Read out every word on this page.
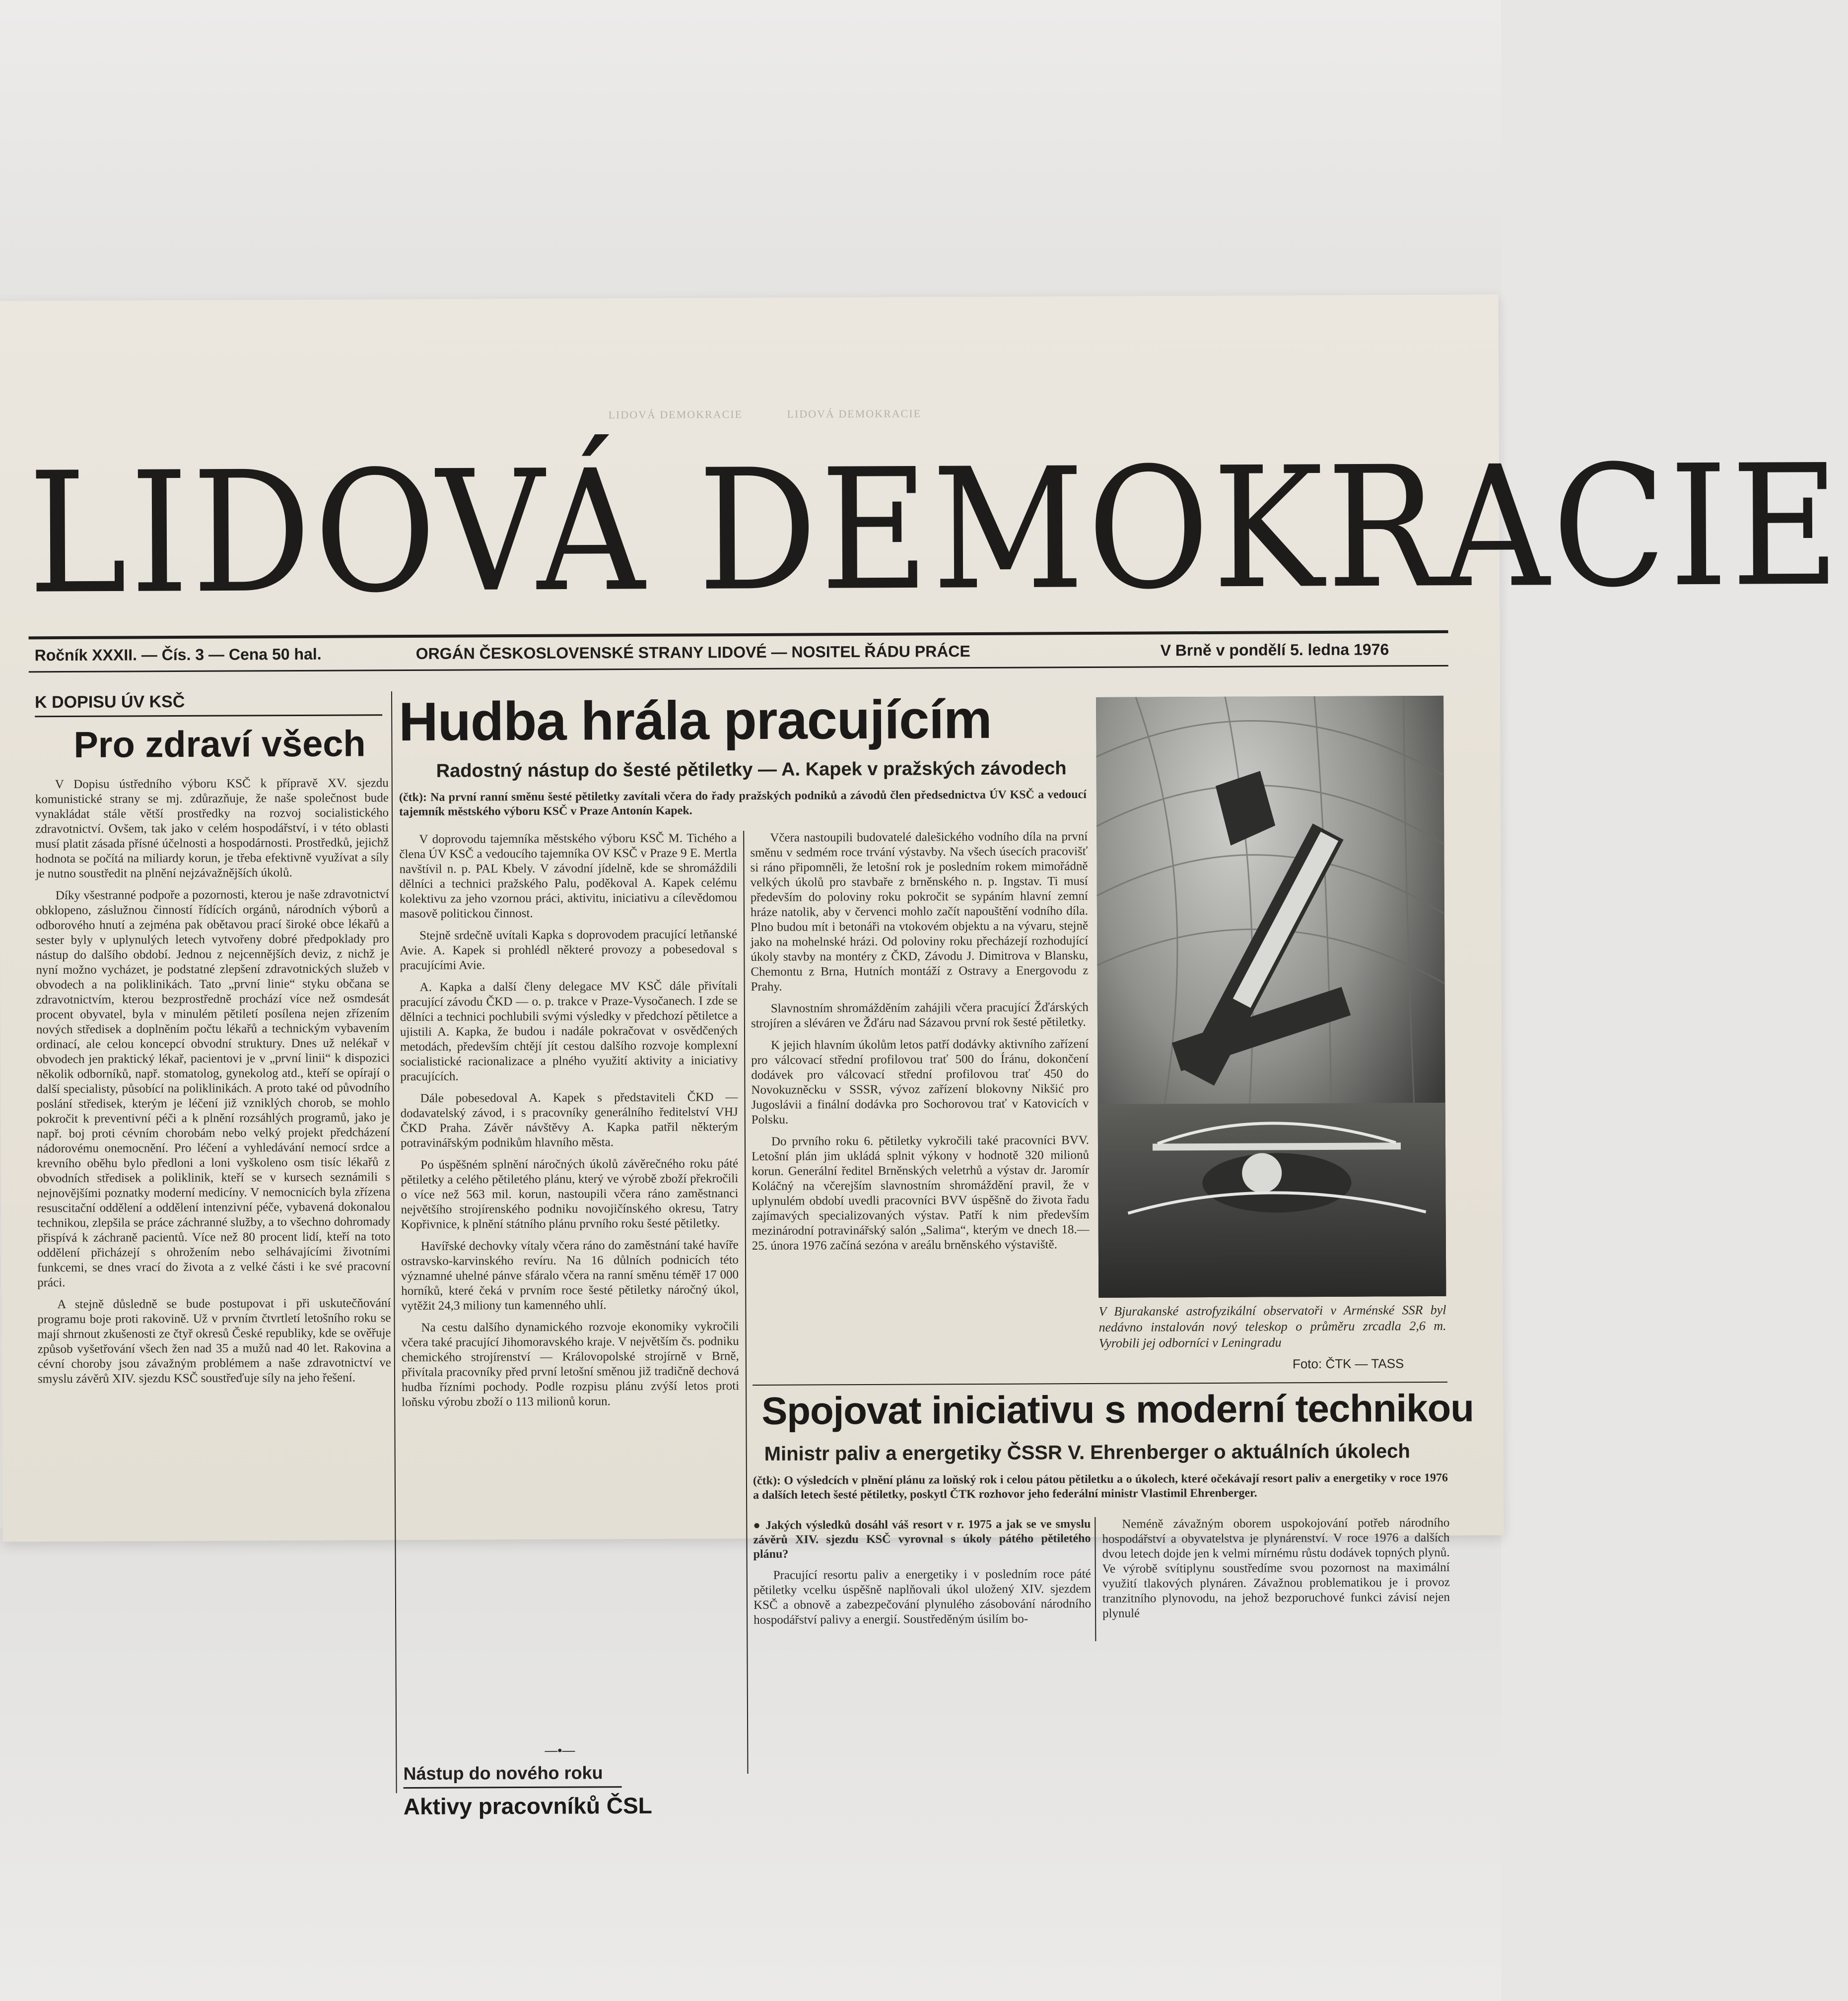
LIDOVÁ DEMOKRACIE	LIDOVÁ DEMOKRACIE
LIDOVÁ DEMOKRACIE
Ročník XXXII. — Čís. 3 — Cena 50 hal.	ORGÁN ČESKOSLOVENSKÉ STRANY LIDOVÉ — NOSITEL ŘÁDU PRÁCE	V Brně v pondělí 5. ledna 1976
K DOPISU ÚV KSČ
Pro zdraví všech

V Dopisu ústředního výboru KSČ k přípravě XV. sjezdu komunistické strany se mj. zdůrazňuje, že naše společnost bude vynakládat stále větší prostředky na rozvoj socialistického zdravotnictví. Ovšem, tak jako v celém hospodářství, i v této oblasti musí platit zásada přísné účelnosti a hospodárnosti. Prostředků, jejichž hodnota se počítá na miliardy korun, je třeba efektivně využívat a síly je nutno soustředit na plnění nejzávažnějších úkolů.

Díky všestranné podpoře a pozornosti, kterou je naše zdravotnictví obklopeno, záslužnou činností řídících orgánů, národních výborů a odborového hnutí a zejména pak obětavou prací široké obce lékařů a sester byly v uplynulých letech vytvořeny dobré předpoklady pro nástup do dalšího období. Jednou z nejcennějších deviz, z nichž je nyní možno vycházet, je podstatné zlepšení zdravotnických služeb v obvodech a na poliklinikách. Tato „první linie“ styku občana se zdravotnictvím, kterou bezprostředně prochází více než osmdesát procent obyvatel, byla v minulém pětiletí posílena nejen zřízením nových středisek a doplněním počtu lékařů a technickým vybavením ordinací, ale celou koncepcí obvodní struktury. Dnes už nelékař v obvodech jen praktický lékař, pacientovi je v „první linii“ k dispozici několik odborníků, např. stomatolog, gynekolog atd., kteří se opírají o další specialisty, působící na poliklinikách. A proto také od původního poslání středisek, kterým je léčení již vzniklých chorob, se mohlo pokročit k preventivní péči a k plnění rozsáhlých programů, jako je např. boj proti cévním chorobám nebo velký projekt předcházení nádorovému onemocnění. Pro léčení a vyhledávání nemocí srdce a krevního oběhu bylo předloni a loni vyškoleno osm tisíc lékařů z obvodních středisek a poliklinik, kteří se v kursech seznámili s nejnovějšími poznatky moderní medicíny. V nemocnicích byla zřízena resuscitační oddělení a oddělení intenzivní péče, vybavená dokonalou technikou, zlepšila se práce záchranné služby, a to všechno dohromady přispívá k záchraně pacientů. Více než 80 procent lidí, kteří na toto oddělení přicházejí s ohrožením nebo selhávajícími životními funkcemi, se dnes vrací do života a z velké části i ke své pracovní práci.

A stejně důsledně se bude postupovat i při uskutečňování programu boje proti rakovině. Už v prvním čtvrtletí letošního roku se mají shrnout zkušenosti ze čtyř okresů České republiky, kde se ověřuje způsob vyšetřování všech žen nad 35 a mužů nad 40 let. Rakovina a cévní choroby jsou závažným problémem a naše zdravotnictví ve smyslu závěrů XIV. sjezdu KSČ soustřeďuje síly na jeho řešení.

Hudba hrála pracujícím
Radostný nástup do šesté pětiletky — A. Kapek v pražských závodech
(čtk): Na první ranní směnu šesté pětiletky zavítali včera do řady pražských podniků a závodů člen předsednictva ÚV KSČ a vedoucí tajemník městského výboru KSČ v Praze Antonín Kapek.

V doprovodu tajemníka městského výboru KSČ M. Tichého a člena ÚV KSČ a vedoucího tajemníka OV KSČ v Praze 9 E. Mertla navštívil n. p. PAL Kbely. V závodní jídelně, kde se shromáždili dělníci a technici pražského Palu, poděkoval A. Kapek celému kolektivu za jeho vzornou práci, aktivitu, iniciativu a cílevědomou masově politickou činnost.

Stejně srdečně uvítali Kapka s doprovodem pracující letňanské Avie. A. Kapek si prohlédl některé provozy a pobesedoval s pracujícími Avie.

A. Kapka a další členy delegace MV KSČ dále přivítali pracující závodu ČKD — o. p. trakce v Praze-Vysočanech. I zde se dělníci a technici pochlubili svými výsledky v předchozí pětiletce a ujistili A. Kapka, že budou i nadále pokračovat v osvědčených metodách, především chtějí jít cestou dalšího rozvoje komplexní socialistické racionalizace a plného využití aktivity a iniciativy pracujících.

Dále pobesedoval A. Kapek s představiteli ČKD — dodavatelský závod, i s pracovníky generálního ředitelství VHJ ČKD Praha. Závěr návštěvy A. Kapka patřil některým potravinářským podnikům hlavního města.

Po úspěšném splnění náročných úkolů závěrečného roku páté pětiletky a celého pětiletého plánu, který ve výrobě zboží překročili o více než 563 mil. korun, nastoupili včera ráno zaměstnanci největšího strojírenského podniku novojičínského okresu, Tatry Kopřivnice, k plnění státního plánu prvního roku šesté pětiletky.

Havířské dechovky vítaly včera ráno do zaměstnání také havíře ostravsko-karvinského revíru. Na 16 důlních podnicích této významné uhelné pánve sfáralo včera na ranní směnu téměř 17 000 horníků, které čeká v prvním roce šesté pětiletky náročný úkol, vytěžit 24,3 miliony tun kamenného uhlí.

Na cestu dalšího dynamického rozvoje ekonomiky vykročili včera také pracující Jihomoravského kraje. V největším čs. podniku chemického strojírenství — Královopolské strojírně v Brně, přivítala pracovníky před první letošní směnou již tradičně dechová hudba řízními pochody. Podle rozpisu plánu zvýší letos proti loňsku výrobu zboží o 113 milionů korun.

—•—
Nástup do nového roku
Aktivy pracovníků ČSL

Včera nastoupili budovatelé dalešického vodního díla na první směnu v sedmém roce trvání výstavby. Na všech úsecích pracovišť si ráno připomněli, že letošní rok je posledním rokem mimořádně velkých úkolů pro stavbaře z brněnského n. p. Ingstav. Ti musí především do poloviny roku pokročit se sypáním hlavní zemní hráze natolik, aby v červenci mohlo začít napouštění vodního díla. Plno budou mít i betonáři na vtokovém objektu a na vývaru, stejně jako na mohelnské hrázi. Od poloviny roku přecházejí rozhodující úkoly stavby na montéry z ČKD, Závodu J. Dimitrova v Blansku, Chemontu z Brna, Hutních montáží z Ostravy a Energovodu z Prahy.

Slavnostním shromážděním zahájili včera pracující Žďárských strojíren a sléváren ve Žďáru nad Sázavou první rok šesté pětiletky.

K jejich hlavním úkolům letos patří dodávky aktivního zařízení pro válcovací střední profilovou trať 500 do Íránu, dokončení dodávek pro válcovací střední profilovou trať 450 do Novokuzněcku v SSSR, vývoz zařízení blokovny Nikšić pro Jugoslávii a finální dodávka pro Sochorovou trať v Katovicích v Polsku.

Do prvního roku 6. pětiletky vykročili také pracovníci BVV. Letošní plán jim ukládá splnit výkony v hodnotě 320 milionů korun. Generální ředitel Brněnských veletrhů a výstav dr. Jaromír Koláčný na včerejším slavnostním shromáždění pravil, že v uplynulém období uvedli pracovníci BVV úspěšně do života řadu zajímavých specializovaných výstav. Patří k nim především mezinárodní potravinářský salón „Salima“, kterým ve dnech 18.—25. února 1976 začíná sezóna v areálu brněnského výstaviště.

V Bjurakanské astrofyzikální observatoři v Arménské SSR byl nedávno instalován nový teleskop o průměru zrcadla 2,6 m. Vyrobili jej odborníci v Leningradu
Foto: ČTK — TASS
Spojovat iniciativu s moderní technikou
Ministr paliv a energetiky ČSSR V. Ehrenberger o aktuálních úkolech
(čtk): O výsledcích v plnění plánu za loňský rok i celou pátou pětiletku a o úkolech, které očekávají resort paliv a energetiky v roce 1976 a dalších letech šesté pětiletky, poskytl ČTK rozhovor jeho federální ministr Vlastimil Ehrenberger.
● Jakých výsledků dosáhl váš resort v r. 1975 a jak se ve smyslu závěrů XIV. sjezdu KSČ vyrovnal s úkoly pátého pětiletého plánu?

Pracující resortu paliv a energetiky i v posledním roce páté pětiletky vcelku úspěšně naplňovali úkol uložený XIV. sjezdem KSČ a obnově a zabezpečování plynulého zásobování národního hospodářství palivy a energií. Soustředěným úsilím bo-

Neméně závažným oborem uspokojování potřeb národního hospodářství a obyvatelstva je plynárenství. V roce 1976 a dalších dvou letech dojde jen k velmi mírnému růstu dodávek topných plynů. Ve výrobě svítiplynu soustředíme svou pozornost na maximální využití tlakových plynáren. Závažnou problematikou je i provoz tranzitního plynovodu, na jehož bezporuchové funkci závisí nejen plynulé
